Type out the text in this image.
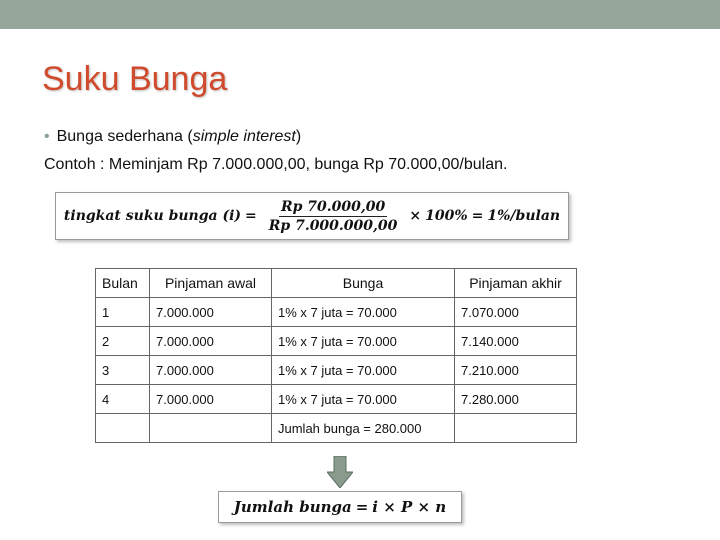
Suku Bunga
• Bunga sederhana (simple interest)
Contoh : Meminjam Rp 7.000.000,00, bunga Rp 70.000,00/bulan.
tingkat suku bunga $(i) = \frac{Rp 70.000,00}{Rp 7.000.000,00} \times 100\%$ = 1%/bulan
Bulan	Pinjaman awal	Bunga	Pinjaman akhir
1	7.000.000	1% x 7 juta = 70.000	7.070.000
2	7.000.000	1% x 7 juta = 70.000	7.140.000
3	7.000.000	1% x 7 juta = 70.000	7.210.000
4	7.000.000	1% x 7 juta = 70.000	7.280.000
		Jumlah bunga = 280.000	
Jumlah bunga = i × P × n
